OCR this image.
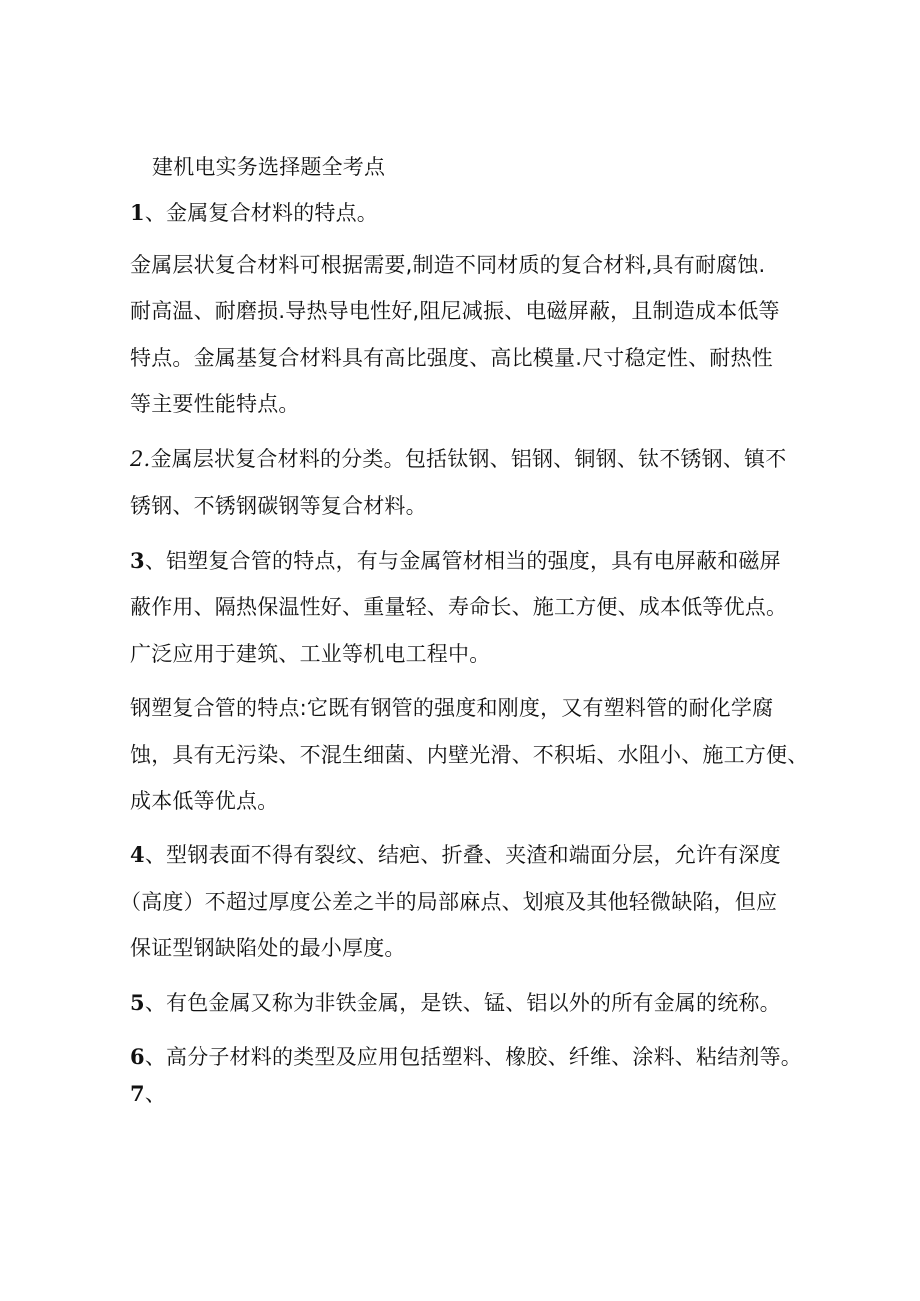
建机电实务选择题全考点
1、金属复合材料的特点。
金属层状复合材料可根据需要,制造不同材质的复合材料,具有耐腐蚀.
耐高温、耐磨损.导热导电性好,阻尼减振、电磁屏蔽，且制造成本低等
特点。金属基复合材料具有高比强度、高比模量.尺寸稳定性、耐热性
等主要性能特点。
2.金属层状复合材料的分类。包括钛钢、铝钢、铜钢、钛不锈钢、镇不
锈钢、不锈钢碳钢等复合材料。
3、铝塑复合管的特点，有与金属管材相当的强度，具有电屏蔽和磁屏
蔽作用、隔热保温性好、重量轻、寿命长、施工方便、成本低等优点。
广泛应用于建筑、工业等机电工程中。
钢塑复合管的特点:它既有钢管的强度和刚度，又有塑料管的耐化学腐
蚀，具有无污染、不混生细菌、内壁光滑、不积垢、水阻小、施工方便、
成本低等优点。
4、型钢表面不得有裂纹、结疤、折叠、夹渣和端面分层，允许有深度
（高度）不超过厚度公差之半的局部麻点、划痕及其他轻微缺陷，但应
保证型钢缺陷处的最小厚度。
5、有色金属又称为非铁金属，是铁、锰、铝以外的所有金属的统称。
6、高分子材料的类型及应用包括塑料、橡胶、纤维、涂料、粘结剂等。
7、
